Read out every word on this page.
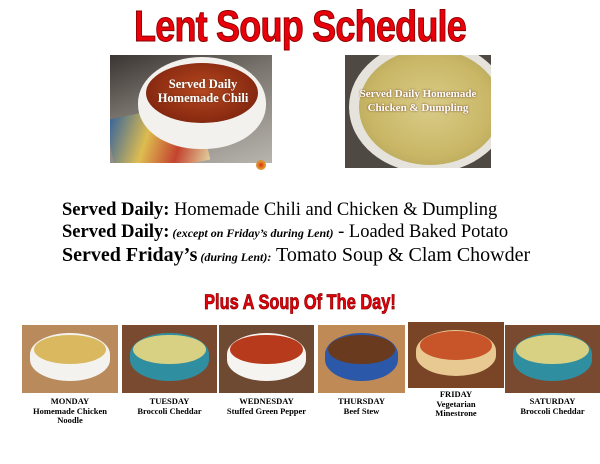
Lent Soup Schedule
Served Daily
Homemade Chili	Served Daily Homemade
Chicken & Dumpling
Served Daily: Homemade Chili and Chicken & Dumpling
Served Daily: (except on Friday’s during Lent) - Loaded Baked Potato
Served Friday’s (during Lent): Tomato Soup & Clam Chowder
Plus A Soup Of The Day!
MONDAY
Homemade Chicken Noodle
TUESDAY
Broccoli Cheddar
WEDNESDAY
Stuffed Green Pepper
THURSDAY
Beef Stew
FRIDAY
Vegetarian Minestrone
SATURDAY
Broccoli Cheddar
